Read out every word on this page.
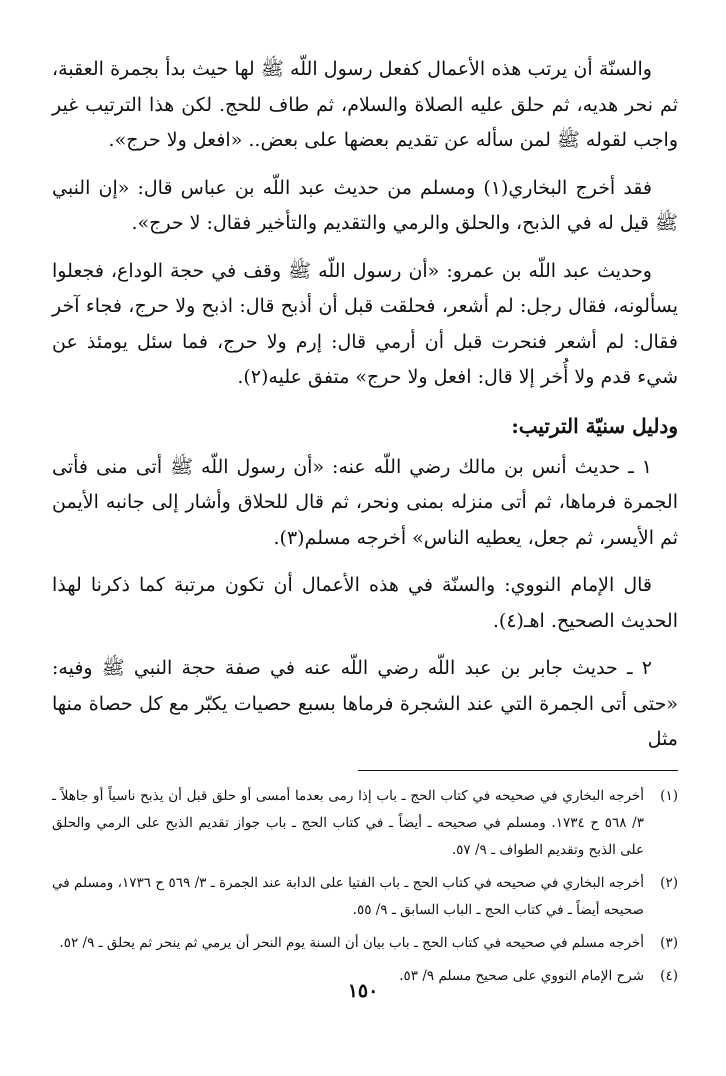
والسنّة أن يرتب هذه الأعمال كفعل رسول اللّه ﷺ لها حيث بدأ بجمرة العقبة، ثم نحر هديه، ثم حلق عليه الصلاة والسلام، ثم طاف للحج. لكن هذا الترتيب غير واجب لقوله ﷺ لمن سأله عن تقديم بعضها على بعض.. «افعل ولا حرج».

فقد أخرج البخاري(١) ومسلم من حديث عبد اللّه بن عباس قال: «إن النبي ﷺ قيل له في الذبح، والحلق والرمي والتقديم والتأخير فقال: لا حرج».

وحديث عبد اللّه بن عمرو: «أن رسول اللّه ﷺ وقف في حجة الوداع، فجعلوا يسألونه، فقال رجل: لم أشعر، فحلقت قبل أن أذبح قال: اذبح ولا حرج، فجاء آخر فقال: لم أشعر فنحرت قبل أن أرمي قال: إرم ولا حرج، فما سئل يومئذ عن شيء قدم ولا أُخر إلا قال: افعل ولا حرج» متفق عليه(٢).

ودليل سنيّة الترتيب:

١ ـ حديث أنس بن مالك رضي اللّه عنه: «أن رسول اللّه ﷺ أتى منى فأتى الجمرة فرماها، ثم أتى منزله بمنى ونحر، ثم قال للحلاق وأشار إلى جانبه الأيمن ثم الأيسر، ثم جعل، يعطيه الناس» أخرجه مسلم(٣).

قال الإمام النووي: والسنّة في هذه الأعمال أن تكون مرتبة كما ذكرنا لهذا الحديث الصحيح. اهـ(٤).

٢ ـ حديث جابر بن عبد اللّه رضي اللّه عنه في صفة حجة النبي ﷺ وفيه: «حتى أتى الجمرة التي عند الشجرة فرماها بسبع حصيات يكبّر مع كل حصاة منها مثل

(١)
أخرجه البخاري في صحيحه في كتاب الحج ـ باب إذا رمى بعدما أمسى أو حلق قبل أن يذبح ناسياً أو جاهلاً ـ ٣/ ٥٦٨ ح ١٧٣٤. ومسلم في صحيحه ـ أيضاً ـ في كتاب الحج ـ باب جواز تقديم الذبح على الرمي والحلق على الذبح وتقديم الطواف ـ ٩/ ٥٧.
(٢)
أخرجه البخاري في صحيحه في كتاب الحج ـ باب الفتيا على الدابة عند الجمرة ـ ٣/ ٥٦٩ ح ١٧٣٦، ومسلم في صحيحه أيضاً ـ في كتاب الحج ـ الباب السابق ـ ٩/ ٥٥.
(٣)
أخرجه مسلم في صحيحه في كتاب الحج ـ باب بيان أن السنة يوم النحر أن يرمي ثم ينحر ثم يحلق ـ ٩/ ٥٢.
(٤)
شرح الإمام النووي على صحيح مسلم ٩/ ٥٣.
١٥٠
